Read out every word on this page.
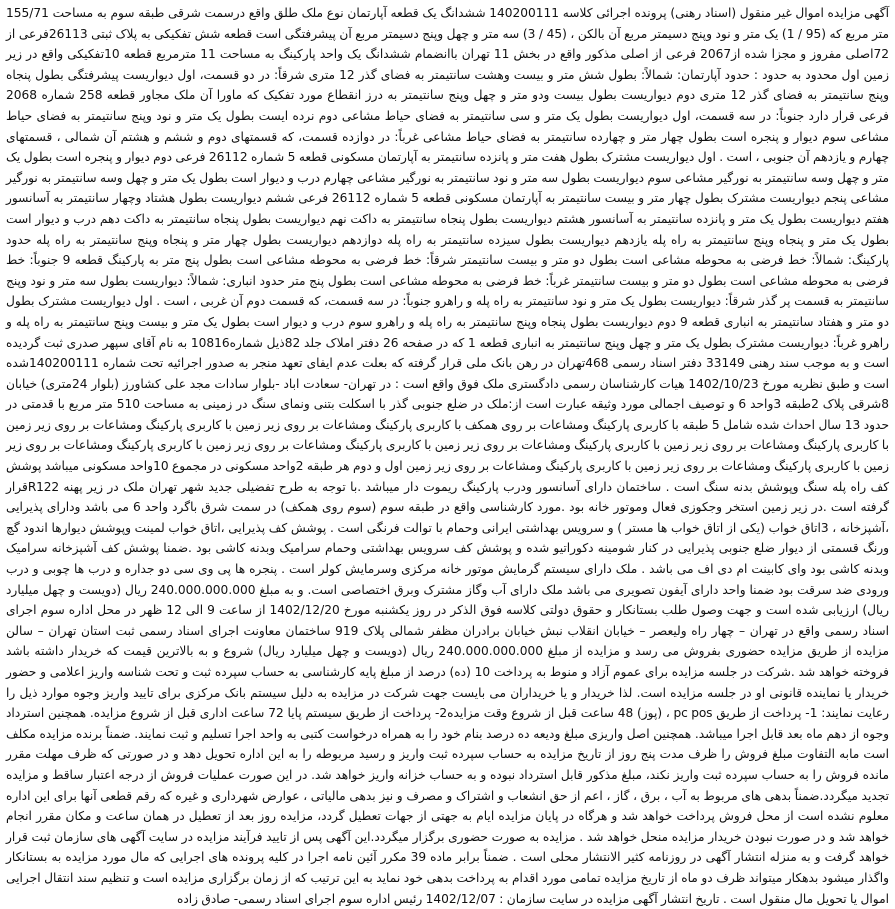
آگهی مزایده اموال غیر منقول (اسناد رهنی) پرونده اجرائی کلاسه 140200111 ششدانگ یک قطعه آپارتمان نوع ملک طلق واقع درسمت شرقی طبقه سوم به مساحت 155/71 متر مربع که (95 / 1) یک متر و نود وپنج دسیمتر مربع آن بالکن ، (45 / 3) سه متر و چهل وپنج دسیمتر مربع آن پیشرفتگی است قطعه شش تفکیکی به پلاک ثبتی 26113فرعی از 72اصلی مفروز و مجزا شده از2067 فرعی از اصلی مذکور واقع در بخش 11 تهران باانضمام ششدانگ یک واحد پارکینگ به مساحت 11 مترمربع قطعه 10تفکیکی واقع در زیر زمین اول محدود به حدود : حدود آپارتمان: شمالاً: بطول شش متر و بیست وهشت سانتیمتر به فضای گذر 12 متری شرقاً: در دو قسمت، اول دیواریست پیشرفتگی بطول پنجاه وپنج سانتیمتر به فضای گذر 12 متری دوم دیواریست بطول بیست ودو متر و چهل وپنج سانتیمتر به درز انقطاع مورد تفکیک که ماورا آن ملک مجاور قطعه 258 شماره 2068 فرعی قرار دارد جنوباً: در سه قسمت، اول دیواریست بطول یک متر و سی سانتیمتر به فضای حیاط مشاعی دوم نرده ایست بطول یک متر و نود وپنج سانتیمتر به فضای حیاط مشاعی سوم دیوار و پنجره است بطول چهار متر و چهارده سانتیمتر به فضای حیاط مشاعی غرباً: در دوازده قسمت، که قسمتهای دوم و ششم و هشتم آن شمالی ، قسمتهای چهارم و یازدهم آن جنوبی ، است . اول دیواریست مشترک بطول هفت متر و پانزده سانتیمتر به آپارتمان مسکونی قطعه 5 شماره 26112 فرعی دوم دیوار و پنجره است بطول یک متر و چهل وسه سانتیمتر به نورگیر مشاعی سوم دیواریست بطول سه متر و نود سانتیمتر به نورگیر مشاعی چهارم درب و دیوار است بطول یک متر و چهل وسه سانتیمتر به نورگیر مشاعی پنجم دیواریست مشترک بطول چهار متر و بیست سانتیمتر به آپارتمان مسکونی قطعه 5 شماره 26112 فرعی ششم دیواریست بطول هشتاد وچهار سانتیمتر به آسانسور هفتم دیواریست بطول یک متر و پانزده سانتیمتر به آسانسور هشتم دیواریست بطول پنجاه سانتیمتر به داکت نهم دیواریست بطول پنجاه سانتیمتر به داکت دهم درب و دیوار است بطول یک متر و پنجاه وپنج سانتیمتر به راه پله یازدهم دیواریست بطول سیزده سانتیمتر به راه پله دوازدهم دیواریست بطول چهار متر و پنجاه وپنج سانتیمتر به راه پله حدود پارکینگ: شمالاً: خط فرضی به محوطه مشاعی است بطول دو متر و بیست سانتیمتر شرقاً: خط فرضی به محوطه مشاعی است بطول پنج متر به پارکینگ قطعه 9 جنوباً: خط فرضی به محوطه مشاعی است بطول دو متر و بیست سانتیمتر غرباً: خط فرضی به محوطه مشاعی است بطول پنج متر حدود انباری: شمالاً: دیواریست بطول سه متر و نود وپنج سانتیمتر به قسمت پر گذر شرقاً: دیواریست بطول یک متر و نود سانتیمتر به راه پله و راهرو جنوباً: در سه قسمت، که قسمت دوم آن غربی ، است . اول دیواریست مشترک بطول دو متر و هفتاد سانتیمتر به انباری قطعه 9 دوم دیواریست بطول پنجاه وپنج سانتیمتر به راه پله و راهرو سوم درب و دیوار است بطول یک متر و بیست وپنج سانتیمتر به راه پله و راهرو غرباً: دیواریست مشترک بطول یک متر و چهل وپنج سانتیمتر به انباری قطعه 1 که در صفحه 26 دفتر املاک جلد 82ذیل شماره10816 به نام آقای سپهر صدری ثبت گردیده است و به موجب سند رهنی 33149 دفتر اسناد رسمی 468تهران در رهن بانک ملی قرار گرفته که بعلت عدم ایفای تعهد منجر به صدور اجرائیه تحت شماره 140200111شده است و طبق نظریه مورخ 1402/10/23 هیات کارشناسان رسمی دادگستری ملک فوق واقع است : در تهران- سعادت اباد -بلوار سادات مجد علی کشاورز (بلوار 24متری) خیابان 8شرقی پلاک 2طبقه 3واحد 6 و توصیف اجمالی مورد وثیقه عبارت است از:ملک در ضلع جنوبی گذر با اسکلت بتنی ونمای سنگ در زمینی به مساحت 510 متر مربع با قدمتی در حدود 13 سال احداث شده شامل 5 طبقه با کاربری پارکینگ ومشاعات بر روی همکف با کاربری پارکینگ ومشاعات بر روی زیر زمین با کاربری پارکینگ ومشاعات بر روی زیر زمین با کاربری پارکینگ ومشاعات بر روی زیر زمین با کاربری پارکینگ ومشاعات بر روی زیر زمین با کاربری پارکینگ ومشاعات بر روی زیر زمین با کاربری پارکینگ ومشاعات بر روی زیر زمین با کاربری پارکینگ ومشاعات بر روی زیر زمین با کاربری پارکینگ ومشاعات بر روی زیر زمین اول و دوم هر طبقه 2واحد مسکونی در مجموع 10واحد مسکونی میباشد پوشش کف راه پله سنگ وپوشش بدنه سنگ است . ساختمان دارای آسانسور ودرب پارکینگ ریموت دار میباشد .با توجه به طرح تفضیلی جدید شهر تهران ملک در زیر پهنه R122قرار گرفته است .در زیر زمین استخر وجکوزی فعال وموتور خانه بود .مورد کارشناسی واقع در طبقه سوم (سوم روی همکف) در سمت شرق باگرد واحد 6 می باشد ودارای پذیرایی ،آشپزخانه ، 3اتاق خواب (یکی از اتاق خواب ها مستر ) و سرویس بهداشتی ایرانی وحمام با توالت فرنگی است . پوشش کف پذیرایی ،اتاق خواب لمینت وپوشش دیوارها اندود گچ ورنگ قسمتی از دیوار ضلع جنوبی پذیرایی در کنار شومینه دکوراتیو شده و پوشش کف سرویس بهداشتی وحمام سرامیک وبدنه کاشی بود .ضمنا پوشش کف آشپزخانه سرامیک وبدنه کاشی بود وای کابینت ام دی اف می باشد . ملک دارای سیستم گرمایش موتور خانه مرکزی وسرمایش کولر است . پنجره ها پی وی سی دو جداره و درب ها چوبی و درب ورودی ضد سرقت بود ضمنا واحد دارای آیفون تصویری می باشد ملک دارای آب وگاز مشترک وبرق اختصاصی است. و به مبلغ 240.000.000.000 ریال (دویست و چهل میلیارد ریال) ارزیابی شده است و جهت وصول طلب بستانکار و حقوق دولتی کلاسه فوق الذکر در روز یکشنبه مورخ 1402/12/20 از ساعت 9 الی 12 ظهر در محل اداره سوم اجرای اسناد رسمی واقع در تهران – چهار راه ولیعصر – خیابان انقلاب نبش خیابان برادران مظفر شمالی پلاک 919 ساختمان معاونت اجرای اسناد رسمی ثبت استان تهران – سالن مزایده از طریق مزایده حضوری بفروش می رسد و مزایده از مبلغ 240.000.000.000 ریال (دویست و چهل میلیارد ریال) شروع و به بالاترین قیمت که خریدار داشته باشد فروخته خواهد شد .شرکت در جلسه مزایده برای عموم آزاد و منوط به پرداخت 10 (ده) درصد از مبلغ پایه کارشناسی به حساب سپرده ثبت و تحت شناسه واریز اعلامی و حضور خریدار یا نماینده قانونی او در جلسه مزایده است. لذا خریدار و یا خریداران می بایست جهت شرکت در مزایده به دلیل سیستم بانک مرکزی برای تایید واریز وجوه موارد ذیل را رعایت نمایند: 1- پرداخت از طریق pc pos ، (پوز) 48 ساعت قبل از شروع وقت مزایده2- پرداخت از طریق سیستم پایا 72 ساعت اداری قبل از شروع مزایده. همچنین استرداد وجوه از دهم ماه بعد قابل اجرا میباشد. همچنین اصل واریزی مبلغ ودیعه ده درصد بنام خود را به همراه درخواست کتبی به واحد اجرا تسلیم و ثبت نمایند. ضمناً برنده مزایده مکلف است مابه التفاوت مبلغ فروش را ظرف مدت پنج روز از تاریخ مزایده به حساب سپرده ثبت واریز و رسید مربوطه را به این اداره تحویل دهد و در صورتی که ظرف مهلت مقرر مانده فروش را به حساب سپرده ثبت واریز نکند، مبلغ مذکور قابل استرداد نبوده و به حساب خزانه واریز خواهد شد. در این صورت عملیات فروش از درجه اعتبار ساقط و مزایده تجدید میگردد.ضمناً بدهی های مربوط به آب ، برق ، گاز ، اعم از حق انشعاب و اشتراک و مصرف و نیز بدهی مالیاتی ، عوارض شهرداری و غیره که رقم قطعی آنها برای این اداره معلوم نشده است از محل فروش پرداخت خواهد شد و هرگاه در پایان مزایده ایام به جهتی از جهات تعطیل گردد، مزایده روز بعد از تعطیل در همان ساعت و مکان مقرر انجام خواهد شد و در صورت نبودن خریدار مزایده منحل خواهد شد . مزایده به صورت حضوری برگزار میگردد.این آگهی پس از تایید فرآیند مزایده در سایت آگهی های سازمان ثبت قرار خواهد گرفت و به منزله انتشار آگهی در روزنامه کثیر الانتشار محلی است . ضمناً برابر ماده 39 مکرر آئین نامه اجرا در کلیه پرونده های اجرایی که مال مورد مزایده به بستانکار واگذار میشود بدهکار میتواند ظرف دو ماه از تاریخ مزایده تمامی مورد اقدام به پرداخت بدهی خود نماید به این ترتیب که از زمان برگزاری مزایده است و تنظیم سند انتقال اجرایی اموال یا تحویل مال منقول است . تاریخ انتشار آگهی مزایده در سایت سازمان : 1402/12/07 رئیس اداره سوم اجرای اسناد رسمی- صادق زاده
